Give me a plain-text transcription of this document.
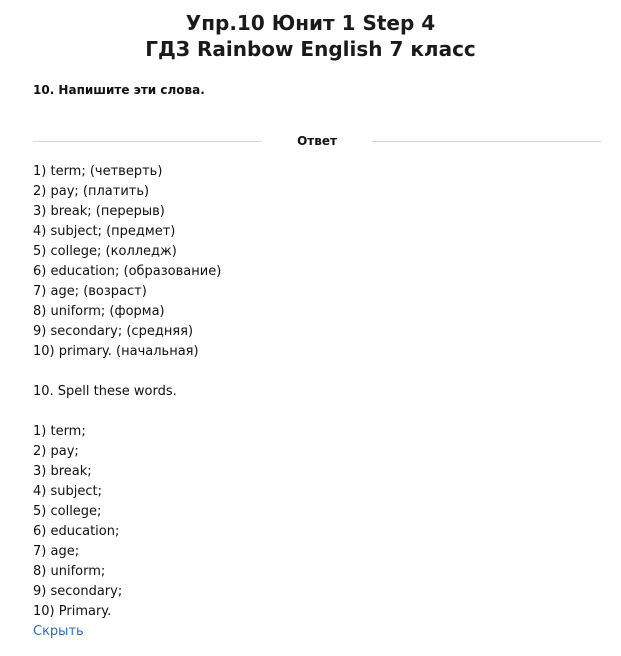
Упр.10 Юнит 1 Step 4
ГДЗ Rainbow English 7 класс
10. Напишите эти слова.
Ответ
1) term; (четверть)
2) pay; (платить)
3) break; (перерыв)
4) subject; (предмет)
5) college; (колледж)
6) education; (образование)
7) age; (возраст)
8) uniform; (форма)
9) secondary; (средняя)
10) primary. (начальная)
10. Spell these words.
1) term;
2) pay;
3) break;
4) subject;
5) college;
6) education;
7) age;
8) uniform;
9) secondary;
10) Primary.
Скрыть
